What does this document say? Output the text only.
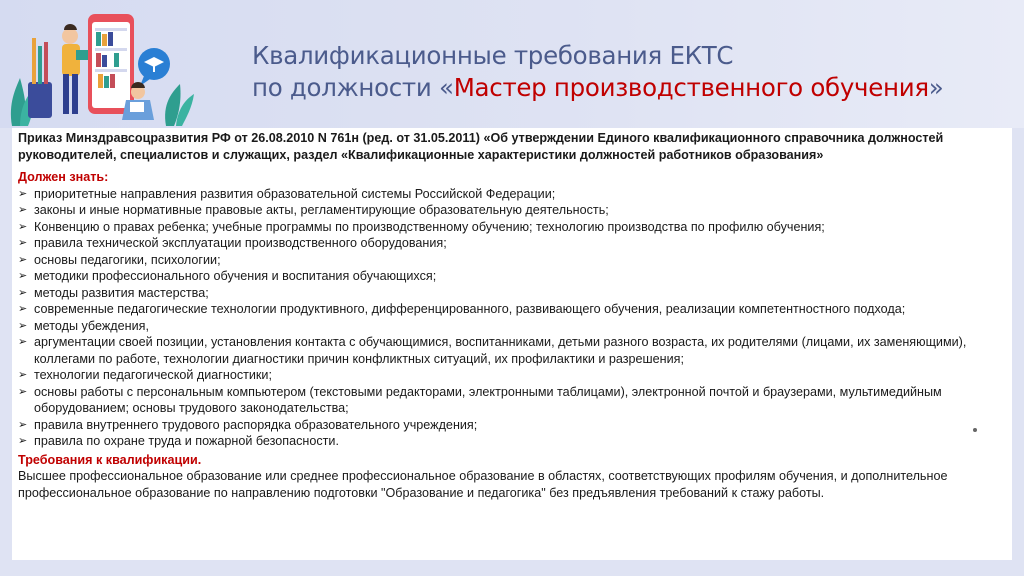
Квалификационные требования ЕКТС
по должности «Мастер производственного обучения»
Приказ Минздравсоцразвития РФ от 26.08.2010 N 761н (ред. от 31.05.2011) «Об утверждении Единого квалификационного справочника должностей руководителей, специалистов и служащих, раздел «Квалификационные характеристики должностей работников образования»
Должен знать:
➢ приоритетные направления развития образовательной системы Российской Федерации;
➢ законы и иные нормативные правовые акты, регламентирующие образовательную деятельность;
➢ Конвенцию о правах ребенка; учебные программы по производственному обучению; технологию производства по профилю обучения;
➢ правила технической эксплуатации производственного оборудования;
➢ основы педагогики, психологии;
➢ методики профессионального обучения и воспитания обучающихся;
➢ методы развития мастерства;
➢ современные педагогические технологии продуктивного, дифференцированного, развивающего обучения, реализации компетентностного подхода;
➢ методы убеждения,
➢ аргументации своей позиции, установления контакта с обучающимися, воспитанниками, детьми разного возраста, их родителями (лицами, их заменяющими), коллегами по работе, технологии диагностики причин конфликтных ситуаций, их профилактики и разрешения;
➢ технологии педагогической диагностики;
➢ основы работы с персональным компьютером (текстовыми редакторами, электронными таблицами), электронной почтой и браузерами, мультимедийным оборудованием; основы трудового законодательства;
➢ правила внутреннего трудового распорядка образовательного учреждения;
➢ правила по охране труда и пожарной безопасности.
Требования к квалификации.
Высшее профессиональное образование или среднее профессиональное образование в областях, соответствующих профилям обучения, и дополнительное профессиональное образование по направлению подготовки "Образование и педагогика" без предъявления требований к стажу работы.
